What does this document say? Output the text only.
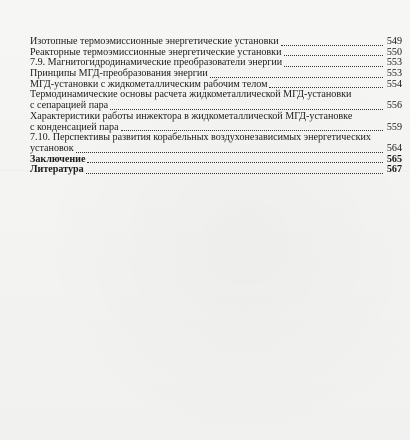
Изотопные термоэмиссионные энергетические установки	549
Реакторные термоэмиссионные энергетические установки	550
7.9. Магнитогидродинамические преобразователи энергии	553
Принципы МГД-преобразования энергии	553
МГД-установки с жидкометаллическим рабочим телом	554
Термодинамические основы расчета жидкометаллической МГД-установки
с сепарацией пара	556
Характеристики работы инжектора в жидкометаллической МГД-установке
с конденсацией пара	559
7.10. Перспективы развития корабельных воздухонезависимых энергетических
установок	564
Заключение	565
Литература	567
